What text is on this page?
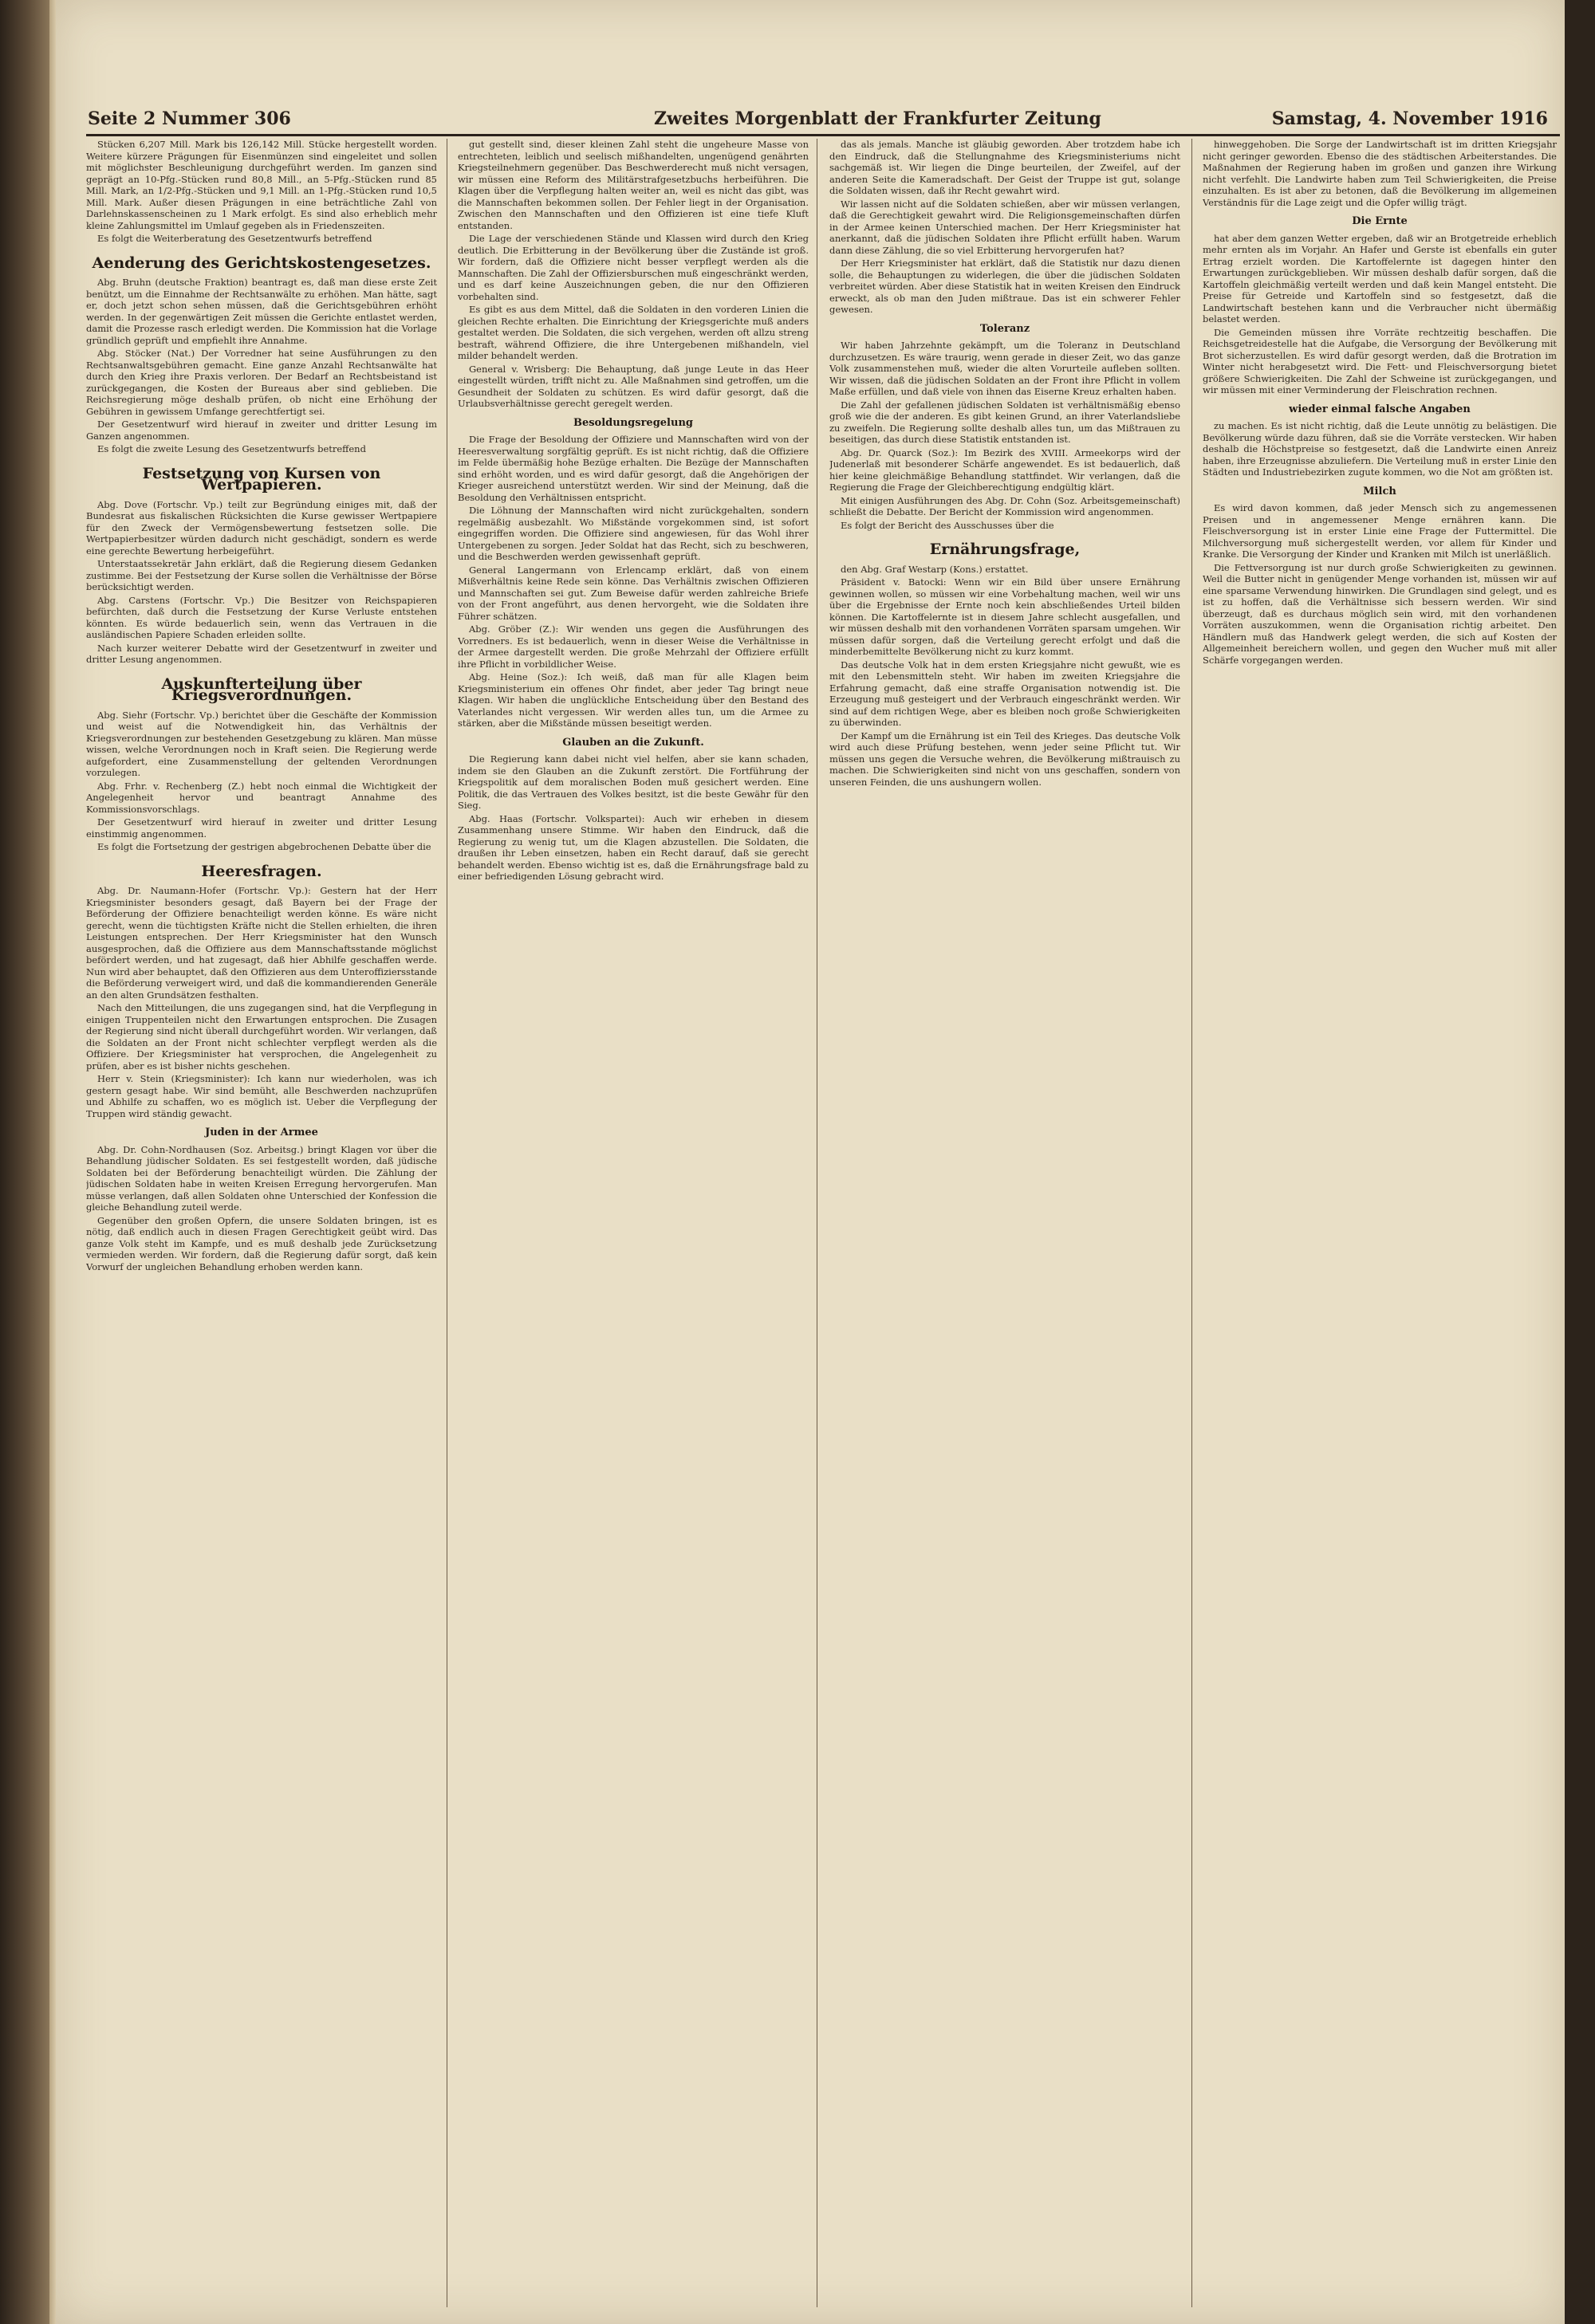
Seite 2 Nummer 306	Zweites Morgenblatt der Frankfurter Zeitung	Samstag, 4. November 1916
Stücken 6,207 Mill. Mark bis 126,142 Mill. Stücke hergestellt worden. Weitere kürzere Prägungen für Eisenmünzen sind eingeleitet und sollen mit möglichster Beschleunigung durchgeführt werden. Im ganzen sind geprägt an 10-Pfg.-Stücken rund 80,8 Mill., an 5-Pfg.-Stücken rund 85 Mill. Mark, an 1/2-Pfg.-Stücken und 9,1 Mill. an 1-Pfg.-Stücken rund 10,5 Mill. Mark. Außer diesen Prägungen in eine beträchtliche Zahl von Darlehnskassenscheinen zu 1 Mark erfolgt. Es sind also erheblich mehr kleine Zahlungsmittel im Umlauf gegeben als in Friedenszeiten.
Es folgt die Weiterberatung des Gesetzentwurfs betreffend
Aenderung des Gerichtskostengesetzes.
Abg. Bruhn (deutsche Fraktion) beantragt es, daß man diese erste Zeit benützt, um die Einnahme der Rechtsanwälte zu erhöhen. Man hätte, sagt er, doch jetzt schon sehen müssen, daß die Gerichtsgebühren erhöht werden. In der gegenwärtigen Zeit müssen die Gerichte entlastet werden, damit die Prozesse rasch erledigt werden. Die Kommission hat die Vorlage gründlich geprüft und empfiehlt ihre Annahme.
Abg. Stöcker (Nat.) Der Vorredner hat seine Ausführungen zu den Rechtsanwaltsgebühren gemacht. Eine ganze Anzahl Rechtsanwälte hat durch den Krieg ihre Praxis verloren. Der Bedarf an Rechtsbeistand ist zurückgegangen, die Kosten der Bureaus aber sind geblieben. Die Reichsregierung möge deshalb prüfen, ob nicht eine Erhöhung der Gebühren in gewissem Umfange gerechtfertigt sei.
Der Gesetzentwurf wird hierauf in zweiter und dritter Lesung im Ganzen angenommen.
Es folgt die zweite Lesung des Gesetzentwurfs betreffend
Festsetzung von Kursen von Wertpapieren.
Abg. Dove (Fortschr. Vp.) teilt zur Begründung einiges mit, daß der Bundesrat aus fiskalischen Rücksichten die Kurse gewisser Wertpapiere für den Zweck der Vermögensbewertung festsetzen solle. Die Wertpapierbesitzer würden dadurch nicht geschädigt, sondern es werde eine gerechte Bewertung herbeigeführt.
Unterstaatssekretär Jahn erklärt, daß die Regierung diesem Gedanken zustimme. Bei der Festsetzung der Kurse sollen die Verhältnisse der Börse berücksichtigt werden.
Abg. Carstens (Fortschr. Vp.) Die Besitzer von Reichspapieren befürchten, daß durch die Festsetzung der Kurse Verluste entstehen könnten. Es würde bedauerlich sein, wenn das Vertrauen in die ausländischen Papiere Schaden erleiden sollte.
Nach kurzer weiterer Debatte wird der Gesetzentwurf in zweiter und dritter Lesung angenommen.
Auskunfterteilung über Kriegsverordnungen.
Abg. Siehr (Fortschr. Vp.) berichtet über die Geschäfte der Kommission und weist auf die Notwendigkeit hin, das Verhältnis der Kriegsverordnungen zur bestehenden Gesetzgebung zu klären. Man müsse wissen, welche Verordnungen noch in Kraft seien. Die Regierung werde aufgefordert, eine Zusammenstellung der geltenden Verordnungen vorzulegen.
Abg. Frhr. v. Rechenberg (Z.) hebt noch einmal die Wichtigkeit der Angelegenheit hervor und beantragt Annahme des Kommissionsvorschlags.
Der Gesetzentwurf wird hierauf in zweiter und dritter Lesung einstimmig angenommen.
Es folgt die Fortsetzung der gestrigen abgebrochenen Debatte über die
Heeresfragen.
Abg. Dr. Naumann-Hofer (Fortschr. Vp.): Gestern hat der Herr Kriegsminister besonders gesagt, daß Bayern bei der Frage der Beförderung der Offiziere benachteiligt werden könne. Es wäre nicht gerecht, wenn die tüchtigsten Kräfte nicht die Stellen erhielten, die ihren Leistungen entsprechen. Der Herr Kriegsminister hat den Wunsch ausgesprochen, daß die Offiziere aus dem Mannschaftsstande möglichst befördert werden, und hat zugesagt, daß hier Abhilfe geschaffen werde. Nun wird aber behauptet, daß den Offizieren aus dem Unteroffiziersstande die Beförderung verweigert wird, und daß die kommandierenden Generäle an den alten Grundsätzen festhalten.
Nach den Mitteilungen, die uns zugegangen sind, hat die Verpflegung in einigen Truppenteilen nicht den Erwartungen entsprochen. Die Zusagen der Regierung sind nicht überall durchgeführt worden. Wir verlangen, daß die Soldaten an der Front nicht schlechter verpflegt werden als die Offiziere. Der Kriegsminister hat versprochen, die Angelegenheit zu prüfen, aber es ist bisher nichts geschehen.
Herr v. Stein (Kriegsminister): Ich kann nur wiederholen, was ich gestern gesagt habe. Wir sind bemüht, alle Beschwerden nachzuprüfen und Abhilfe zu schaffen, wo es möglich ist. Ueber die Verpflegung der Truppen wird ständig gewacht.
Juden in der Armee
Abg. Dr. Cohn-Nordhausen (Soz. Arbeitsg.) bringt Klagen vor über die Behandlung jüdischer Soldaten. Es sei festgestellt worden, daß jüdische Soldaten bei der Beförderung benachteiligt würden. Die Zählung der jüdischen Soldaten habe in weiten Kreisen Erregung hervorgerufen. Man müsse verlangen, daß allen Soldaten ohne Unterschied der Konfession die gleiche Behandlung zuteil werde.
Gegenüber den großen Opfern, die unsere Soldaten bringen, ist es nötig, daß endlich auch in diesen Fragen Gerechtigkeit geübt wird. Das ganze Volk steht im Kampfe, und es muß deshalb jede Zurücksetzung vermieden werden. Wir fordern, daß die Regierung dafür sorgt, daß kein Vorwurf der ungleichen Behandlung erhoben werden kann.
gut gestellt sind, dieser kleinen Zahl steht die ungeheure Masse von entrechteten, leiblich und seelisch mißhandelten, ungenügend genährten Kriegsteilnehmern gegenüber. Das Beschwerderecht muß nicht versagen, wir müssen eine Reform des Militärstrafgesetzbuchs herbeiführen. Die Klagen über die Verpflegung halten weiter an, weil es nicht das gibt, was die Mannschaften bekommen sollen. Der Fehler liegt in der Organisation. Zwischen den Mannschaften und den Offizieren ist eine tiefe Kluft entstanden.
Die Lage der verschiedenen Stände und Klassen wird durch den Krieg deutlich. Die Erbitterung in der Bevölkerung über die Zustände ist groß. Wir fordern, daß die Offiziere nicht besser verpflegt werden als die Mannschaften. Die Zahl der Offiziersburschen muß eingeschränkt werden, und es darf keine Auszeichnungen geben, die nur den Offizieren vorbehalten sind.
Es gibt es aus dem Mittel, daß die Soldaten in den vorderen Linien die gleichen Rechte erhalten. Die Einrichtung der Kriegsgerichte muß anders gestaltet werden. Die Soldaten, die sich vergehen, werden oft allzu streng bestraft, während Offiziere, die ihre Untergebenen mißhandeln, viel milder behandelt werden.
General v. Wrisberg: Die Behauptung, daß junge Leute in das Heer eingestellt würden, trifft nicht zu. Alle Maßnahmen sind getroffen, um die Gesundheit der Soldaten zu schützen. Es wird dafür gesorgt, daß die Urlaubsverhältnisse gerecht geregelt werden.
Besoldungsregelung
Die Frage der Besoldung der Offiziere und Mannschaften wird von der Heeresverwaltung sorgfältig geprüft. Es ist nicht richtig, daß die Offiziere im Felde übermäßig hohe Bezüge erhalten. Die Bezüge der Mannschaften sind erhöht worden, und es wird dafür gesorgt, daß die Angehörigen der Krieger ausreichend unterstützt werden. Wir sind der Meinung, daß die Besoldung den Verhältnissen entspricht.
Die Löhnung der Mannschaften wird nicht zurückgehalten, sondern regelmäßig ausbezahlt. Wo Mißstände vorgekommen sind, ist sofort eingegriffen worden. Die Offiziere sind angewiesen, für das Wohl ihrer Untergebenen zu sorgen. Jeder Soldat hat das Recht, sich zu beschweren, und die Beschwerden werden gewissenhaft geprüft.
General Langermann von Erlencamp erklärt, daß von einem Mißverhältnis keine Rede sein könne. Das Verhältnis zwischen Offizieren und Mannschaften sei gut. Zum Beweise dafür werden zahlreiche Briefe von der Front angeführt, aus denen hervorgeht, wie die Soldaten ihre Führer schätzen.
Abg. Gröber (Z.): Wir wenden uns gegen die Ausführungen des Vorredners. Es ist bedauerlich, wenn in dieser Weise die Verhältnisse in der Armee dargestellt werden. Die große Mehrzahl der Offiziere erfüllt ihre Pflicht in vorbildlicher Weise.
Abg. Heine (Soz.): Ich weiß, daß man für alle Klagen beim Kriegsministerium ein offenes Ohr findet, aber jeder Tag bringt neue Klagen. Wir haben die unglückliche Entscheidung über den Bestand des Vaterlandes nicht vergessen. Wir werden alles tun, um die Armee zu stärken, aber die Mißstände müssen beseitigt werden.
Glauben an die Zukunft.
Die Regierung kann dabei nicht viel helfen, aber sie kann schaden, indem sie den Glauben an die Zukunft zerstört. Die Fortführung der Kriegspolitik auf dem moralischen Boden muß gesichert werden. Eine Politik, die das Vertrauen des Volkes besitzt, ist die beste Gewähr für den Sieg.
Abg. Haas (Fortschr. Volkspartei): Auch wir erheben in diesem Zusammenhang unsere Stimme. Wir haben den Eindruck, daß die Regierung zu wenig tut, um die Klagen abzustellen. Die Soldaten, die draußen ihr Leben einsetzen, haben ein Recht darauf, daß sie gerecht behandelt werden. Ebenso wichtig ist es, daß die Ernährungsfrage bald zu einer befriedigenden Lösung gebracht wird.
das als jemals. Manche ist gläubig geworden. Aber trotzdem habe ich den Eindruck, daß die Stellungnahme des Kriegsministeriums nicht sachgemäß ist. Wir liegen die Dinge beurteilen, der Zweifel, auf der anderen Seite die Kameradschaft. Der Geist der Truppe ist gut, solange die Soldaten wissen, daß ihr Recht gewahrt wird.
Wir lassen nicht auf die Soldaten schießen, aber wir müssen verlangen, daß die Gerechtigkeit gewahrt wird. Die Religionsgemeinschaften dürfen in der Armee keinen Unterschied machen. Der Herr Kriegsminister hat anerkannt, daß die jüdischen Soldaten ihre Pflicht erfüllt haben. Warum dann diese Zählung, die so viel Erbitterung hervorgerufen hat?
Der Herr Kriegsminister hat erklärt, daß die Statistik nur dazu dienen solle, die Behauptungen zu widerlegen, die über die jüdischen Soldaten verbreitet würden. Aber diese Statistik hat in weiten Kreisen den Eindruck erweckt, als ob man den Juden mißtraue. Das ist ein schwerer Fehler gewesen.
Toleranz
Wir haben Jahrzehnte gekämpft, um die Toleranz in Deutschland durchzusetzen. Es wäre traurig, wenn gerade in dieser Zeit, wo das ganze Volk zusammenstehen muß, wieder die alten Vorurteile aufleben sollten. Wir wissen, daß die jüdischen Soldaten an der Front ihre Pflicht in vollem Maße erfüllen, und daß viele von ihnen das Eiserne Kreuz erhalten haben.
Die Zahl der gefallenen jüdischen Soldaten ist verhältnismäßig ebenso groß wie die der anderen. Es gibt keinen Grund, an ihrer Vaterlandsliebe zu zweifeln. Die Regierung sollte deshalb alles tun, um das Mißtrauen zu beseitigen, das durch diese Statistik entstanden ist.
Abg. Dr. Quarck (Soz.): Im Bezirk des XVIII. Armeekorps wird der Judenerlaß mit besonderer Schärfe angewendet. Es ist bedauerlich, daß hier keine gleichmäßige Behandlung stattfindet. Wir verlangen, daß die Regierung die Frage der Gleichberechtigung endgültig klärt.
Mit einigen Ausführungen des Abg. Dr. Cohn (Soz. Arbeitsgemeinschaft) schließt die Debatte. Der Bericht der Kommission wird angenommen.
Es folgt der Bericht des Ausschusses über die
Ernährungsfrage,
den Abg. Graf Westarp (Kons.) erstattet.
Präsident v. Batocki: Wenn wir ein Bild über unsere Ernährung gewinnen wollen, so müssen wir eine Vorbehaltung machen, weil wir uns über die Ergebnisse der Ernte noch kein abschließendes Urteil bilden können. Die Kartoffelernte ist in diesem Jahre schlecht ausgefallen, und wir müssen deshalb mit den vorhandenen Vorräten sparsam umgehen. Wir müssen dafür sorgen, daß die Verteilung gerecht erfolgt und daß die minderbemittelte Bevölkerung nicht zu kurz kommt.
Das deutsche Volk hat in dem ersten Kriegsjahre nicht gewußt, wie es mit den Lebensmitteln steht. Wir haben im zweiten Kriegsjahre die Erfahrung gemacht, daß eine straffe Organisation notwendig ist. Die Erzeugung muß gesteigert und der Verbrauch eingeschränkt werden. Wir sind auf dem richtigen Wege, aber es bleiben noch große Schwierigkeiten zu überwinden.
Der Kampf um die Ernährung ist ein Teil des Krieges. Das deutsche Volk wird auch diese Prüfung bestehen, wenn jeder seine Pflicht tut. Wir müssen uns gegen die Versuche wehren, die Bevölkerung mißtrauisch zu machen. Die Schwierigkeiten sind nicht von uns geschaffen, sondern von unseren Feinden, die uns aushungern wollen.
hinweggehoben. Die Sorge der Landwirtschaft ist im dritten Kriegsjahr nicht geringer geworden. Ebenso die des städtischen Arbeiterstandes. Die Maßnahmen der Regierung haben im großen und ganzen ihre Wirkung nicht verfehlt. Die Landwirte haben zum Teil Schwierigkeiten, die Preise einzuhalten. Es ist aber zu betonen, daß die Bevölkerung im allgemeinen Verständnis für die Lage zeigt und die Opfer willig trägt.
Die Ernte
hat aber dem ganzen Wetter ergeben, daß wir an Brotgetreide erheblich mehr ernten als im Vorjahr. An Hafer und Gerste ist ebenfalls ein guter Ertrag erzielt worden. Die Kartoffelernte ist dagegen hinter den Erwartungen zurückgeblieben. Wir müssen deshalb dafür sorgen, daß die Kartoffeln gleichmäßig verteilt werden und daß kein Mangel entsteht. Die Preise für Getreide und Kartoffeln sind so festgesetzt, daß die Landwirtschaft bestehen kann und die Verbraucher nicht übermäßig belastet werden.
Die Gemeinden müssen ihre Vorräte rechtzeitig beschaffen. Die Reichsgetreidestelle hat die Aufgabe, die Versorgung der Bevölkerung mit Brot sicherzustellen. Es wird dafür gesorgt werden, daß die Brotration im Winter nicht herabgesetzt wird. Die Fett- und Fleischversorgung bietet größere Schwierigkeiten. Die Zahl der Schweine ist zurückgegangen, und wir müssen mit einer Verminderung der Fleischration rechnen.
wieder einmal falsche Angaben
zu machen. Es ist nicht richtig, daß die Leute unnötig zu belästigen. Die Bevölkerung würde dazu führen, daß sie die Vorräte verstecken. Wir haben deshalb die Höchstpreise so festgesetzt, daß die Landwirte einen Anreiz haben, ihre Erzeugnisse abzuliefern. Die Verteilung muß in erster Linie den Städten und Industriebezirken zugute kommen, wo die Not am größten ist.
Milch
Es wird davon kommen, daß jeder Mensch sich zu angemessenen Preisen und in angemessener Menge ernähren kann. Die Fleischversorgung ist in erster Linie eine Frage der Futtermittel. Die Milchversorgung muß sichergestellt werden, vor allem für Kinder und Kranke. Die Versorgung der Kinder und Kranken mit Milch ist unerläßlich.
Die Fettversorgung ist nur durch große Schwierigkeiten zu gewinnen. Weil die Butter nicht in genügender Menge vorhanden ist, müssen wir auf eine sparsame Verwendung hinwirken. Die Grundlagen sind gelegt, und es ist zu hoffen, daß die Verhältnisse sich bessern werden. Wir sind überzeugt, daß es durchaus möglich sein wird, mit den vorhandenen Vorräten auszukommen, wenn die Organisation richtig arbeitet. Den Händlern muß das Handwerk gelegt werden, die sich auf Kosten der Allgemeinheit bereichern wollen, und gegen den Wucher muß mit aller Schärfe vorgegangen werden.
